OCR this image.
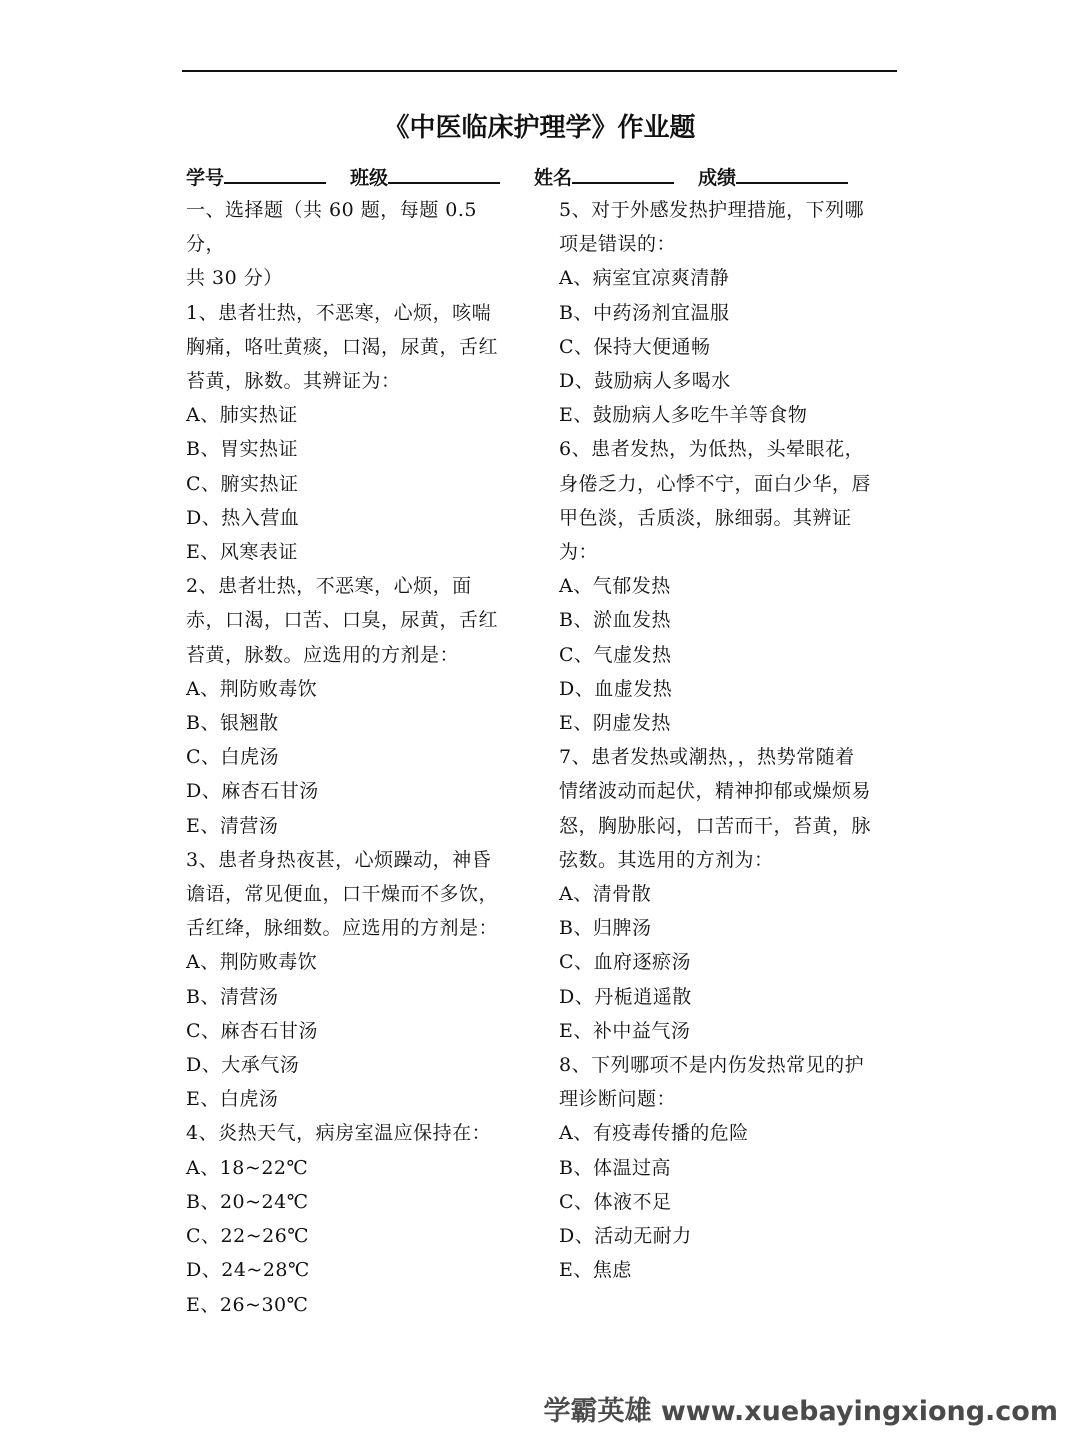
《中医临床护理学》作业题
学号	班级	姓名	成绩

一、选择题（共 60 题，每题 0.5 分，

共 30 分）

1、患者壮热，不恶寒，心烦，咳喘

胸痛，咯吐黄痰，口渴，尿黄，舌红

苔黄，脉数。其辨证为：

A、肺实热证

B、胃实热证

C、腑实热证

D、热入营血

E、风寒表证

2、患者壮热，不恶寒，心烦，面

赤，口渴，口苦、口臭，尿黄，舌红

苔黄，脉数。应选用的方剂是：

A、荆防败毒饮

B、银翘散

C、白虎汤

D、麻杏石甘汤

E、清营汤

3、患者身热夜甚，心烦躁动，神昏

谵语，常见便血，口干燥而不多饮，

舌红绛，脉细数。应选用的方剂是：

A、荆防败毒饮

B、清营汤

C、麻杏石甘汤

D、大承气汤

E、白虎汤

4、炎热天气，病房室温应保持在：

A、18~22℃

B、20~24℃

C、22~26℃

D、24~28℃

E、26~30℃

5、对于外感发热护理措施，下列哪

项是错误的：

A、病室宜凉爽清静

B、中药汤剂宜温服

C、保持大便通畅

D、鼓励病人多喝水

E、鼓励病人多吃牛羊等食物

6、患者发热，为低热，头晕眼花，

身倦乏力，心悸不宁，面白少华，唇

甲色淡，舌质淡，脉细弱。其辨证

为：

A、气郁发热

B、淤血发热

C、气虚发热

D、血虚发热

E、阴虚发热

7、患者发热或潮热，，热势常随着

情绪波动而起伏，精神抑郁或燥烦易

怒，胸胁胀闷，口苦而干，苔黄，脉

弦数。其选用的方剂为：

A、清骨散

B、归脾汤

C、血府逐瘀汤

D、丹栀逍遥散

E、补中益气汤

8、下列哪项不是内伤发热常见的护

理诊断问题：

A、有疫毒传播的危险

B、体温过高

C、体液不足

D、活动无耐力

E、焦虑

学霸英雄 www.xuebayingxiong.com
